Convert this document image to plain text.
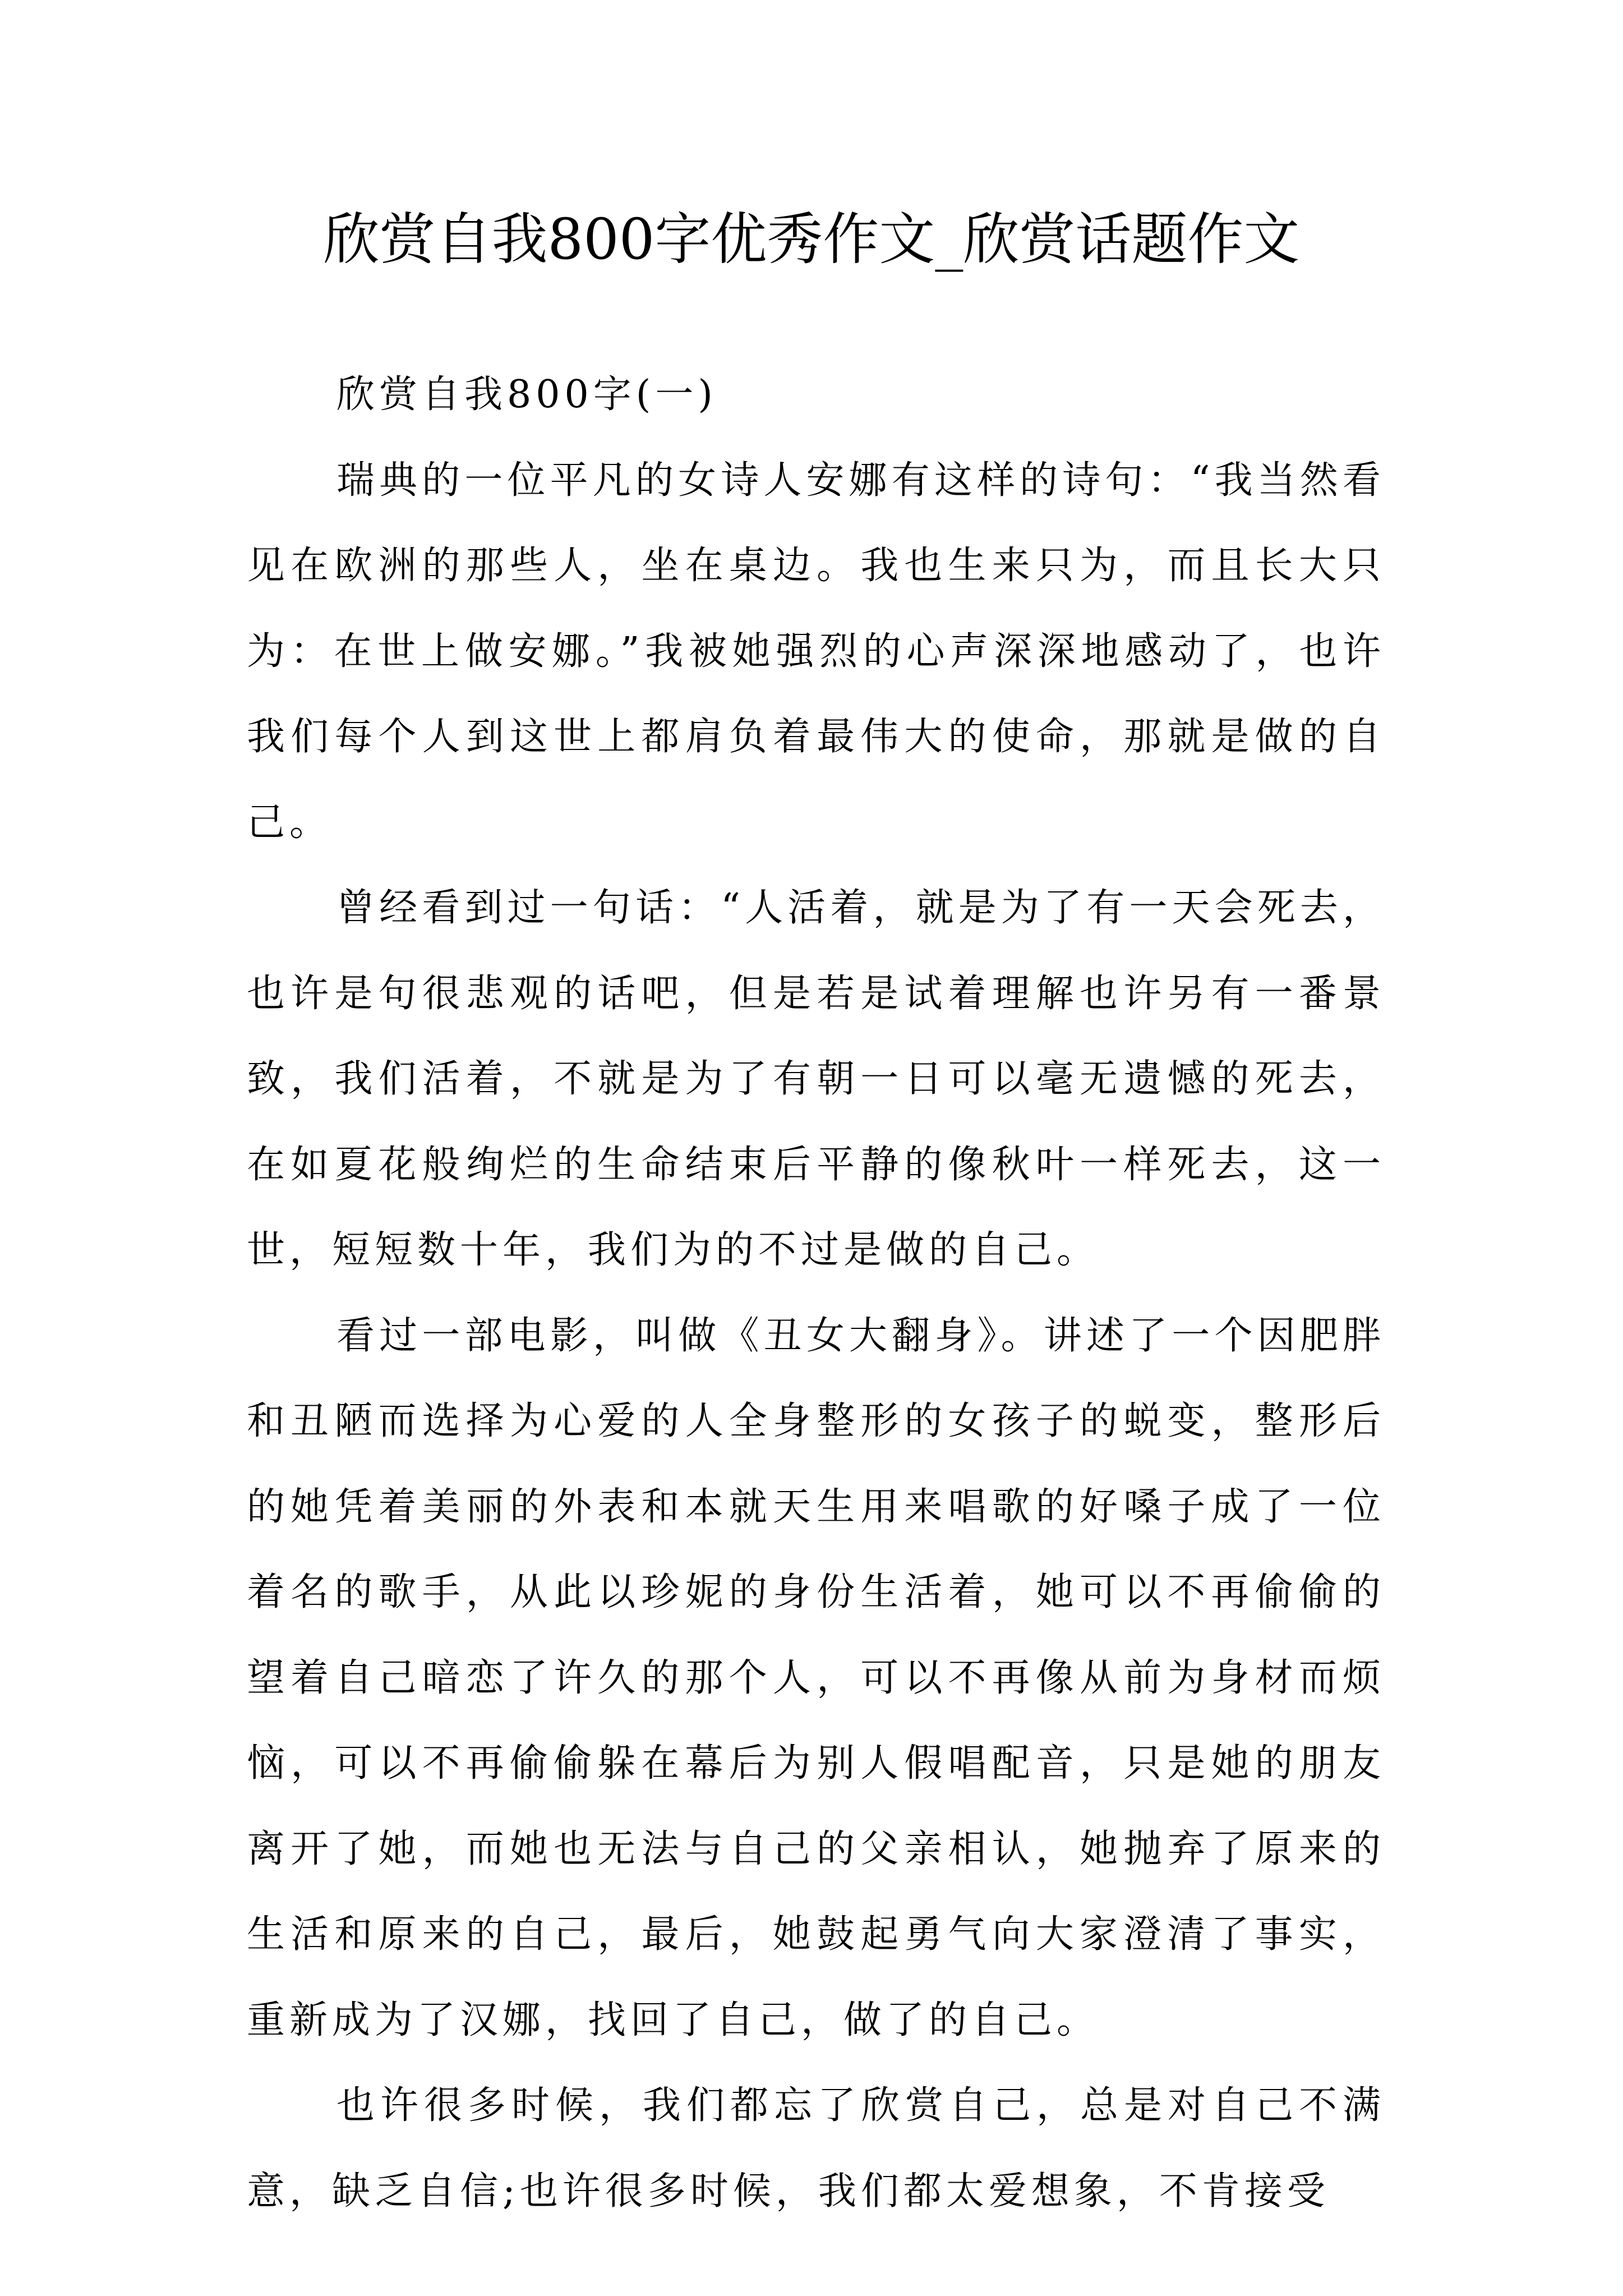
欣赏自我800字优秀作文_欣赏话题作文

欣赏自我800字(一)

瑞典的一位平凡的女诗人安娜有这样的诗句：“我当然看见在欧洲的那些人，坐在桌边。我也生来只为，而且长大只为：在世上做安娜。”我被她强烈的心声深深地感动了，也许我们每个人到这世上都肩负着最伟大的使命，那就是做的自己。

曾经看到过一句话：“人活着，就是为了有一天会死去，也许是句很悲观的话吧，但是若是试着理解也许另有一番景致，我们活着，不就是为了有朝一日可以毫无遗憾的死去，在如夏花般绚烂的生命结束后平静的像秋叶一样死去，这一世，短短数十年，我们为的不过是做的自己。

看过一部电影，叫做《丑女大翻身》。讲述了一个因肥胖和丑陋而选择为心爱的人全身整形的女孩子的蜕变，整形后的她凭着美丽的外表和本就天生用来唱歌的好嗓子成了一位着名的歌手，从此以珍妮的身份生活着，她可以不再偷偷的望着自己暗恋了许久的那个人，可以不再像从前为身材而烦恼，可以不再偷偷躲在幕后为别人假唱配音，只是她的朋友离开了她，而她也无法与自己的父亲相认，她抛弃了原来的生活和原来的自己，最后，她鼓起勇气向大家澄清了事实，重新成为了汉娜，找回了自己，做了的自己。

也许很多时候，我们都忘了欣赏自己，总是对自己不满意，缺乏自信;也许很多时候，我们都太爱想象，不肯接受
